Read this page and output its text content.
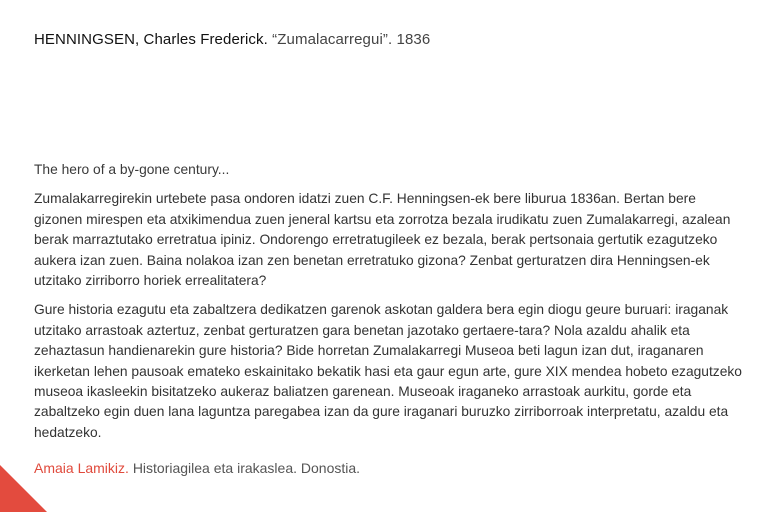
HENNINGSEN, Charles Frederick. “Zumalacarregui”. 1836

The hero of a by-gone century...

Zumalakarregirekin urtebete pasa ondoren idatzi zuen C.F. Henningsen-ek bere liburua 1836an. Bertan bere gizonen mirespen eta atxikimendua zuen jeneral kartsu eta zorrotza bezala irudikatu zuen Zumalakarregi, azalean berak marraztutako erretratua ipiniz. Ondorengo erretratugileek ez bezala, berak pertsonaia gertutik ezagutzeko aukera izan zuen. Baina nolakoa izan zen benetan erretratuko gizona? Zenbat gerturatzen dira Henningsen-ek utzitako zirriborro horiek errealitatera?

Gure historia ezagutu eta zabaltzera dedikatzen garenok askotan galdera bera egin diogu geure buruari: iraganak utzitako arrastoak aztertuz, zenbat gerturatzen gara benetan jazotako gertaere-tara? Nola azaldu ahalik eta zehaztasun handienarekin gure historia? Bide horretan Zumalakarregi Museoa beti lagun izan dut, iraganaren ikerketan lehen pausoak emateko eskainitako bekatik hasi eta gaur egun arte, gure XIX mendea hobeto ezagutzeko museoa ikasleekin bisitatzeko aukeraz baliatzen garenean. Museoak iraganeko arrastoak aurkitu, gorde eta zabaltzeko egin duen lana laguntza paregabea izan da gure iraganari buruzko zirriborroak interpretatu, azaldu eta hedatzeko.

Amaia Lamikiz. Historiagilea eta irakaslea. Donostia.
